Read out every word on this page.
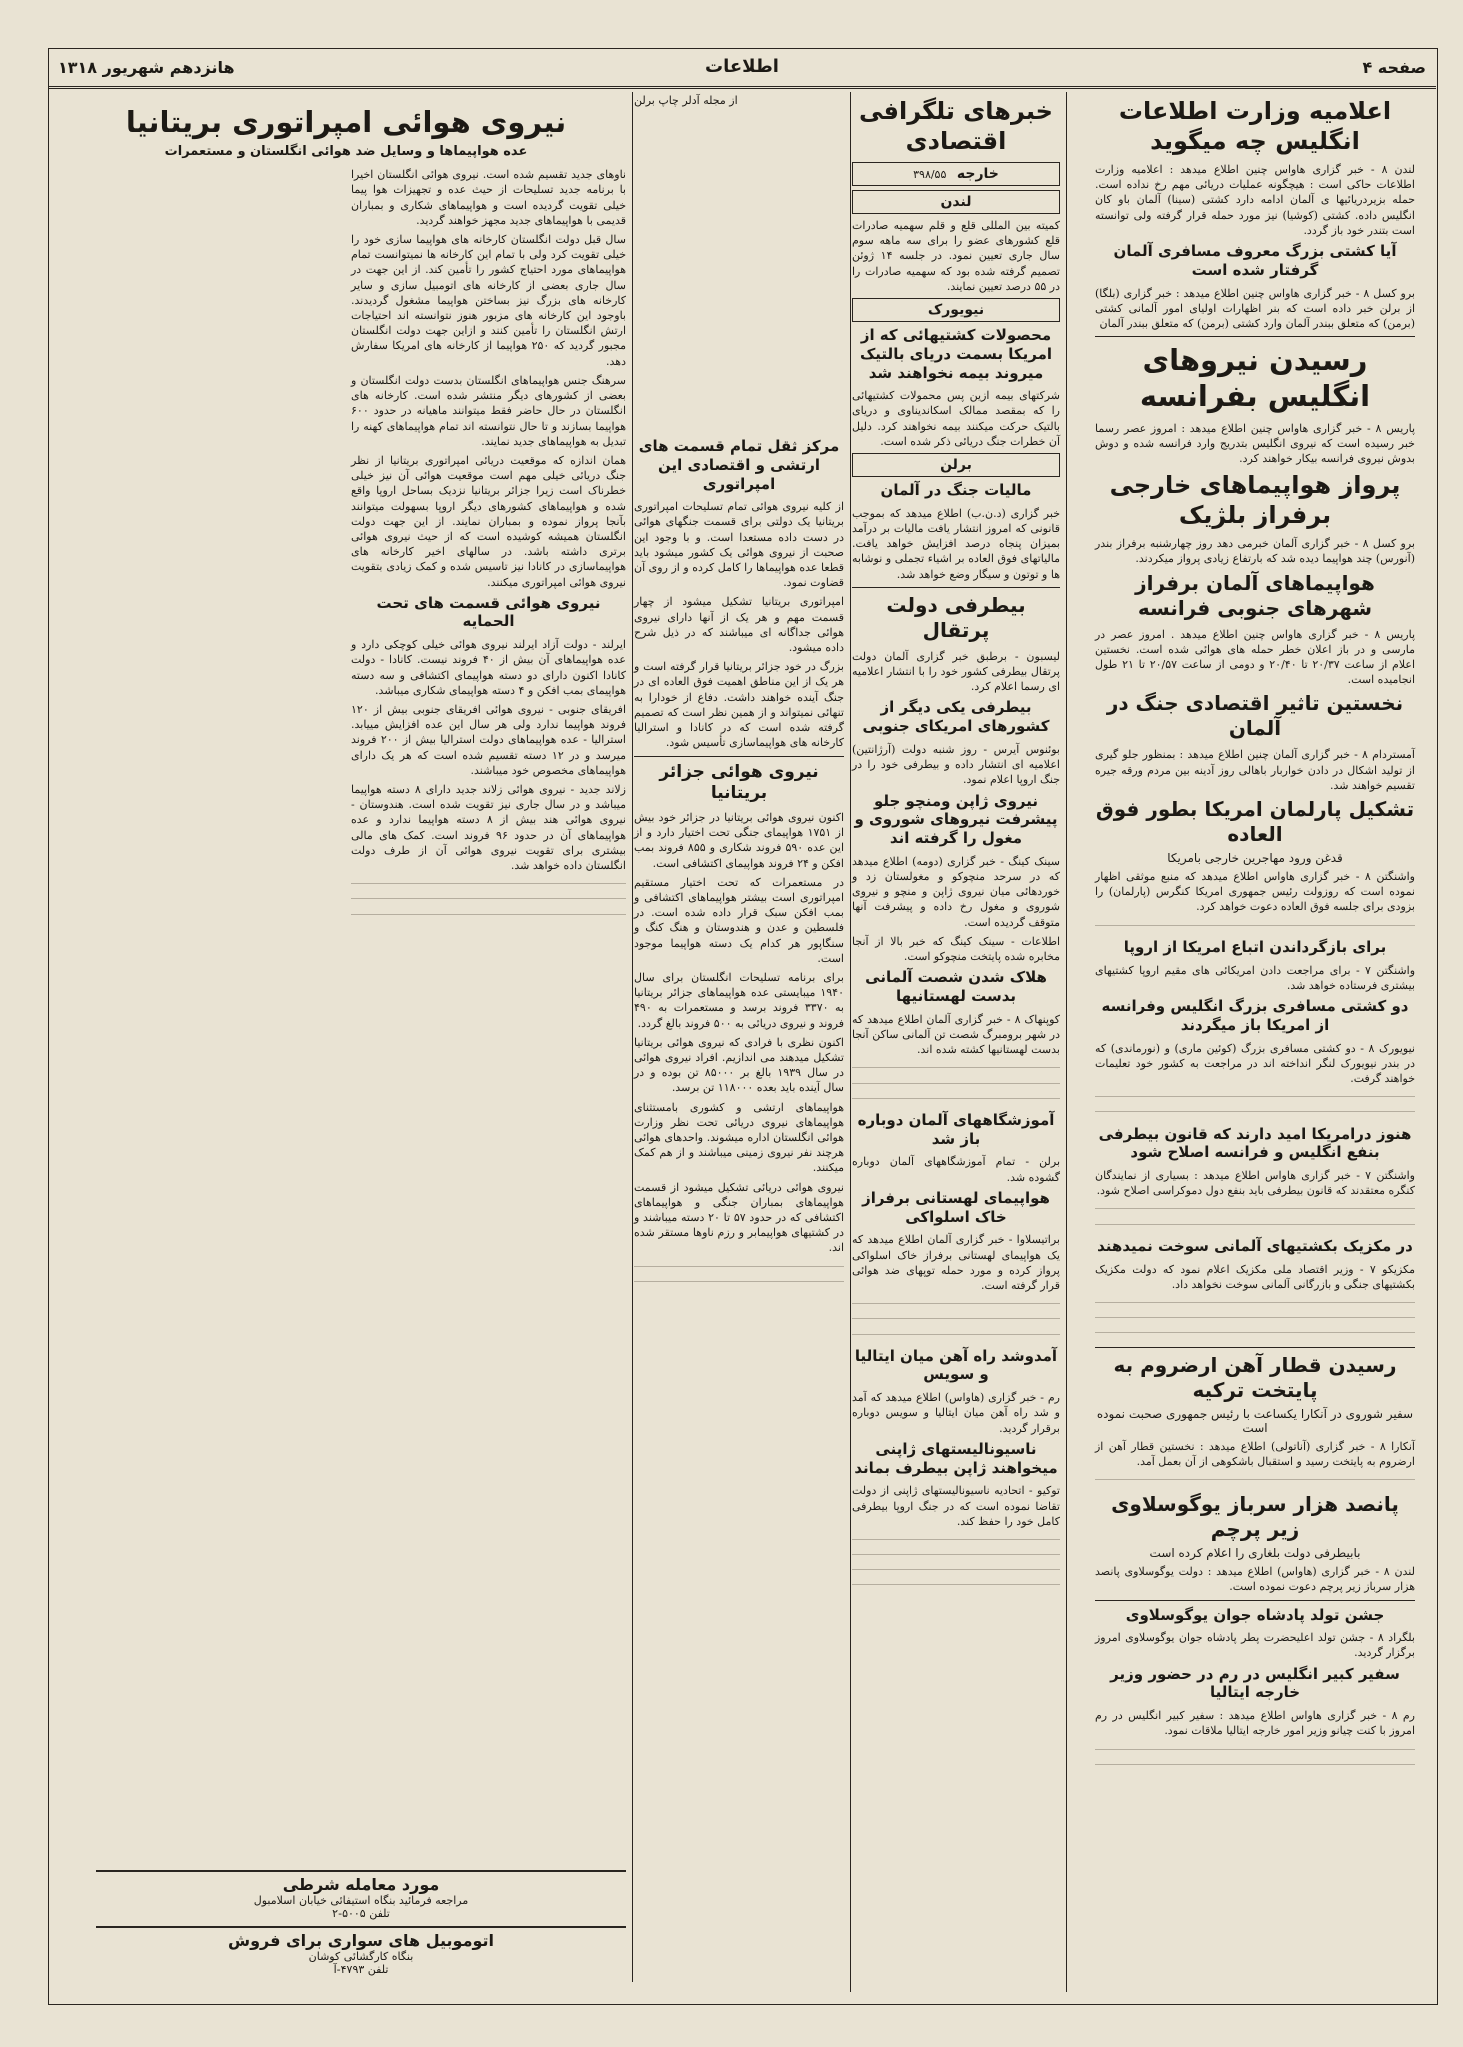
صفحه ۴
اطلاعات
هانزدهم شهریور ۱۳۱۸
اعلامیه وزارت اطلاعات انگلیس چه میگوید

لندن ۸ - خبر گزاری هاواس چنین اطلاع میدهد : اعلامیه وزارت اطلاعات حاکی است : هیچگونه عملیات دریائی مهم رخ نداده است. حمله بزیردریائیها ی آلمان ادامه دارد کشتی (سینا) آلمان باو کان انگلیس داده. کشتی (کوشیا) نیز مورد حمله قرار گرفته ولی توانسته است بتندر خود باز گردد.

آیا کشتی بزرگ معروف مسافری آلمان گرفتار شده است

برو کسل ۸ - خبر گزاری هاواس چنین اطلاع میدهد : خبر گزاری (بلگا) از برلن خبر داده است که بنر اظهارات اولیای امور آلمانی کشتی (برمن) که متعلق ببندر آلمان وارد کشتی (برمن) که متعلق ببندر آلمان

رسیدن نیروهای انگلیس بفرانسه

پاریس ۸ - خبر گزاری هاواس چنین اطلاع میدهد : امروز عصر رسما خبر رسیده است که نیروی انگلیس بتدریج وارد فرانسه شده و دوش بدوش نیروی فرانسه بیکار خواهند کرد.

پرواز هواپیماهای خارجی برفراز بلژیک

برو کسل ۸ - خبر گزاری آلمان خبرمی دهد روز چهارشنبه برفراز بندر (آنورس) چند هواپیما دیده شد که بارتفاع زیادی پرواز میکردند.

هواپیماهای آلمان برفراز شهرهای جنوبی فرانسه

پاریس ۸ - خبر گزاری هاواس چنین اطلاع میدهد . امروز عصر در مارسی و در باز اعلان خطر حمله های هوائی شده است. نخستین اعلام از ساعت ۲۰/۳۷ تا ۲۰/۴۰ و دومی از ساعت ۲۰/۵۷ تا ۲۱ طول انجامیده است.

نخستین تاثیر اقتصادی جنگ در آلمان

آمستردام ۸ - خبر گزاری آلمان چنین اطلاع میدهد : بمنظور جلو گیری از تولید اشکال در دادن خواربار باهالی روز آدینه بین مردم ورقه جیره تقسیم خواهند شد.

تشکیل پارلمان امریکا بطور فوق العاده
قدغن ورود مهاجرین خارجی بامریکا

واشنگتن ۸ - خبر گزاری هاواس اطلاع میدهد که منبع موثقی اظهار نموده است که روزولت رئیس جمهوری امریکا کنگرس (پارلمان) را بزودی برای جلسه فوق العاده دعوت خواهد کرد.

برای بازگرداندن اتباع امریکا از اروپا

واشنگتن ۷ - برای مراجعت دادن امریکائی های مقیم اروپا کشتیهای بیشتری فرستاده خواهد شد.

دو کشتی مسافری بزرگ انگلیس وفرانسه از امریکا باز میگردند

نیویورک ۸ - دو کشتی مسافری بزرگ (کوئین ماری) و (نورماندی) که در بندر نیویورک لنگر انداخته اند در مراجعت به کشور خود تعلیمات خواهند گرفت.

هنوز درامریکا امید دارند که قانون بیطرفی بنفع انگلیس و فرانسه اصلاح شود

واشنگتن ۷ - خبر گزاری هاواس اطلاع میدهد : بسیاری از نمایندگان کنگره معتقدند که قانون بیطرفی باید بنفع دول دموکراسی اصلاح شود.

در مکزیک بکشتیهای آلمانی سوخت نمیدهند

مکزیکو ۷ - وزیر اقتصاد ملی مکزیک اعلام نمود که دولت مکزیک بکشتیهای جنگی و بازرگانی آلمانی سوخت نخواهد داد.

رسیدن قطار آهن ارضروم به پایتخت ترکیه
سفیر شوروی در آنکارا یکساعت با رئیس جمهوری صحبت نموده است

آنکارا ۸ - خبر گزاری (آناتولی) اطلاع میدهد : نخستین قطار آهن از ارضروم به پایتخت رسید و استقبال باشکوهی از آن بعمل آمد.

پانصد هزار سرباز یوگوسلاوی زیر پرچم
بابیطرفی دولت بلغاری را اعلام کرده است

لندن ۸ - خبر گزاری (هاواس) اطلاع میدهد : دولت یوگوسلاوی پانصد هزار سرباز زیر پرچم دعوت نموده است.

جشن تولد پادشاه جوان یوگوسلاوی

بلگراد ۸ - جشن تولد اعلیحضرت پطر پادشاه جوان یوگوسلاوی امروز برگزار گردید.

سفیر کبیر انگلیس در رم در حضور وزیر خارجه ایتالیا

رم ۸ - خبر گزاری هاواس اطلاع میدهد : سفیر کبیر انگلیس در رم امروز با کنت چیانو وزیر امور خارجه ایتالیا ملاقات نمود.

خبرهای تلگرافی اقتصادی
خارجه   ۳۹۸/۵۵
لندن

کمیته بین المللی قلع و قلم سهمیه صادرات قلع کشورهای عضو را برای سه ماهه سوم سال جاری تعیین نمود. در جلسه ۱۴ ژوئن تصمیم گرفته شده بود که سهمیه صادرات را در ۵۵ درصد تعیین نمایند.

نیویورک
محصولات کشتیهائی که از امریکا بسمت دریای بالتیک میروند بیمه نخواهند شد

شرکتهای بیمه ازین پس محمولات کشتیهائی را که بمقصد ممالک اسکاندیناوی و دریای بالتیک حرکت میکنند بیمه نخواهند کرد. دلیل آن خطرات جنگ دریائی ذکر شده است.

برلن
مالیات جنگ در آلمان

خبر گزاری (د.ن.ب) اطلاع میدهد که بموجب قانونی که امروز انتشار یافت مالیات بر درآمد بمیزان پنجاه درصد افزایش خواهد یافت. مالیاتهای فوق العاده بر اشیاء تجملی و نوشابه ها و توتون و سیگار وضع خواهد شد.

بیطرفی دولت پرتقال

لیسبون - برطبق خبر گزاری آلمان دولت پرتقال بیطرفی کشور خود را با انتشار اعلامیه ای رسما اعلام کرد.

بیطرفی یکی دیگر از کشورهای امریکای جنوبی

بوئنوس آیرس - روز شنبه دولت (آرژانتین) اعلامیه ای انتشار داده و بیطرفی خود را در جنگ اروپا اعلام نمود.

نیروی ژاپن ومنچو جلو پیشرفت نیروهای شوروی و مغول را گرفته اند

سینک کینگ - خبر گزاری (دومه) اطلاع میدهد که در سرحد منچوکو و مغولستان زد و خوردهائی میان نیروی ژاپن و منچو و نیروی شوروی و مغول رخ داده و پیشرفت آنها متوقف گردیده است.

اطلاعات - سینک کینگ که خبر بالا از آنجا مخابره شده پایتخت منچوکو است.

هلاک شدن شصت آلمانی بدست لهستانیها

کوپنهاک ۸ - خبر گزاری آلمان اطلاع میدهد که در شهر برومبرگ شصت تن آلمانی ساکن آنجا بدست لهستانیها کشته شده اند.

آموزشگاههای آلمان دوباره باز شد

برلن - تمام آموزشگاههای آلمان دوباره گشوده شد.

هواپیمای لهستانی برفراز خاک اسلواکی

براتیسلاوا - خبر گزاری آلمان اطلاع میدهد که یک هواپیمای لهستانی برفراز خاک اسلواکی پرواز کرده و مورد حمله توپهای ضد هوائی قرار گرفته است.

آمدوشد راه آهن میان ایتالیا و سویس

رم - خبر گزاری (هاواس) اطلاع میدهد که آمد و شد راه آهن میان ایتالیا و سویس دوباره برقرار گردید.

ناسیونالیستهای ژاپنی میخواهند ژاپن بیطرف بماند

توکیو - اتحادیه ناسیونالیستهای ژاپنی از دولت تقاضا نموده است که در جنگ اروپا بیطرفی کامل خود را حفظ کند.

از مجله آدلر چاپ برلن
مرکز ثقل تمام قسمت های ارتشی و اقتصادی این امپراتوری

از کلیه نیروی هوائی تمام تسلیحات امپراتوری بریتانیا یک دولتی برای قسمت جنگهای هوائی در دست داده مستعدا است. و با وجود این صحبت از نیروی هوائی یک کشور میشود باید قطعا عده هواپیماها را کامل کرده و از روی آن قضاوت نمود.

امپراتوری بریتانیا تشکیل میشود از چهار قسمت مهم و هر یک از آنها دارای نیروی هوائی جداگانه ای میباشند که در ذیل شرح داده میشود.

بزرگ در خود جزائر بریتانیا قرار گرفته است و هر یک از این مناطق اهمیت فوق العاده ای در جنگ آینده خواهند داشت. دفاع از خودارا به تنهائی نمیتواند و از همین نظر است که تصمیم گرفته شده است که در کانادا و استرالیا کارخانه های هواپیماسازی تأسیس شود.

نیروی هوائی جزائر بریتانیا

اکنون نیروی هوائی بریتانیا در جزائر خود بیش از ۱۷۵۱ هواپیمای جنگی تحت اختیار دارد و از این عده ۵۹۰ فروند شکاری و ۸۵۵ فروند بمب افکن و ۲۴ فروند هواپیمای اکتشافی است.

در مستعمرات که تحت اختیار مستقیم امپراتوری است بیشتر هواپیماهای اکتشافی و بمب افکن سبک قرار داده شده است. در فلسطین و عدن و هندوستان و هنگ کنگ و سنگاپور هر کدام یک دسته هواپیما موجود است.

برای برنامه تسلیحات انگلستان برای سال ۱۹۴۰ میبایستی عده هواپیماهای جزائر بریتانیا به ۳۳۷۰ فروند برسد و مستعمرات به ۴۹۰ فروند و نیروی دریائی به ۵۰۰ فروند بالغ گردد.

اکنون نظری با فرادی که نیروی هوائی بریتانیا تشکیل میدهند می اندازیم. افراد نیروی هوائی در سال ۱۹۳۹ بالغ بر ۸۵۰۰۰ تن بوده و در سال آینده باید بعده ۱۱۸۰۰۰ تن برسد.

هواپیماهای ارتشی و کشوری بامستثنای هواپیماهای نیروی دریائی تحت نظر وزارت هوائی انگلستان اداره میشوند. واحدهای هوائی هرچند نفر نیروی زمینی میباشند و از هم کمک میکنند.

نیروی هوائی دریائی تشکیل میشود از قسمت هواپیماهای بمباران جنگی و هواپیماهای اکتشافی که در حدود ۵۷ تا ۲۰ دسته میباشند و در کشتیهای هواپیمابر و رزم ناوها مستقر شده اند.

نیروی هوائی امپراتوری بریتانیا
عده هواپیماها و وسایل ضد هوائی انگلستان و مستعمرات

ناوهای جدید تقسیم شده است. نیروی هوائی انگلستان اخیرا با برنامه جدید تسلیحات از حیث عده و تجهیزات هوا پیما خیلی تقویت گردیده است و هواپیماهای شکاری و بمباران قدیمی با هواپیماهای جدید مجهز خواهند گردید.

سال قبل دولت انگلستان کارخانه های هواپیما سازی خود را خیلی تقویت کرد ولی با تمام این کارخانه ها نمیتوانست تمام هواپیماهای مورد احتیاج کشور را تأمین کند. از این جهت در سال جاری بعضی از کارخانه های اتومبیل سازی و سایر کارخانه های بزرگ نیز بساختن هواپیما مشغول گردیدند. باوجود این کارخانه های مزبور هنوز نتوانسته اند احتیاجات ارتش انگلستان را تأمین کنند و ازاین جهت دولت انگلستان مجبور گردید که ۲۵۰ هواپیما از کارخانه های امریکا سفارش دهد.

سرهنگ جنس هواپیماهای انگلستان بدست دولت انگلستان و بعضی از کشورهای دیگر منتشر شده است. کارخانه های انگلستان در حال حاضر فقط میتوانند ماهیانه در حدود ۶۰۰ هواپیما بسازند و تا حال نتوانسته اند تمام هواپیماهای کهنه را تبدیل به هواپیماهای جدید نمایند.

همان اندازه که موقعیت دریائی امپراتوری بریتانیا از نظر جنگ دریائی خیلی مهم است موقعیت هوائی آن نیز خیلی خطرناک است زیرا جزائر بریتانیا نزدیک بساحل اروپا واقع شده و هواپیماهای کشورهای دیگر اروپا بسهولت میتوانند بآنجا پرواز نموده و بمباران نمایند. از این جهت دولت انگلستان همیشه کوشیده است که از حیث نیروی هوائی برتری داشته باشد. در سالهای اخیر کارخانه های هواپیماسازی در کانادا نیز تاسیس شده و کمک زیادی بتقویت نیروی هوائی امپراتوری میکنند.

نیروی هوائی قسمت های تحت الحمایه

ایرلند - دولت آزاد ایرلند نیروی هوائی خیلی کوچکی دارد و عده هواپیماهای آن بیش از ۴۰ فروند نیست. کانادا - دولت کانادا اکنون دارای دو دسته هواپیمای اکتشافی و سه دسته هواپیمای بمب افکن و ۴ دسته هواپیمای شکاری میباشد.

افریقای جنوبی - نیروی هوائی افریقای جنوبی بیش از ۱۲۰ فروند هواپیما ندارد ولی هر سال این عده افزایش مییابد. استرالیا - عده هواپیماهای دولت استرالیا بیش از ۲۰۰ فروند میرسد و در ۱۲ دسته تقسیم شده است که هر یک دارای هواپیماهای مخصوص خود میباشند.

زلاند جدید - نیروی هوائی زلاند جدید دارای ۸ دسته هواپیما میباشد و در سال جاری نیز تقویت شده است. هندوستان - نیروی هوائی هند بیش از ۸ دسته هواپیما ندارد و عده هواپیماهای آن در حدود ۹۶ فروند است. کمک های مالی بیشتری برای تقویت نیروی هوائی آن از طرف دولت انگلستان داده خواهد شد.

مورد معامله شرطی
مراجعه فرمائید بنگاه استیفائی خیابان اسلامبول
تلفن ۵۰۰۵-۲
اتوموبیل های سواری برای فروش
بنگاه کارگشائی کوشان
تلفن ۴۷۹۳-آ
